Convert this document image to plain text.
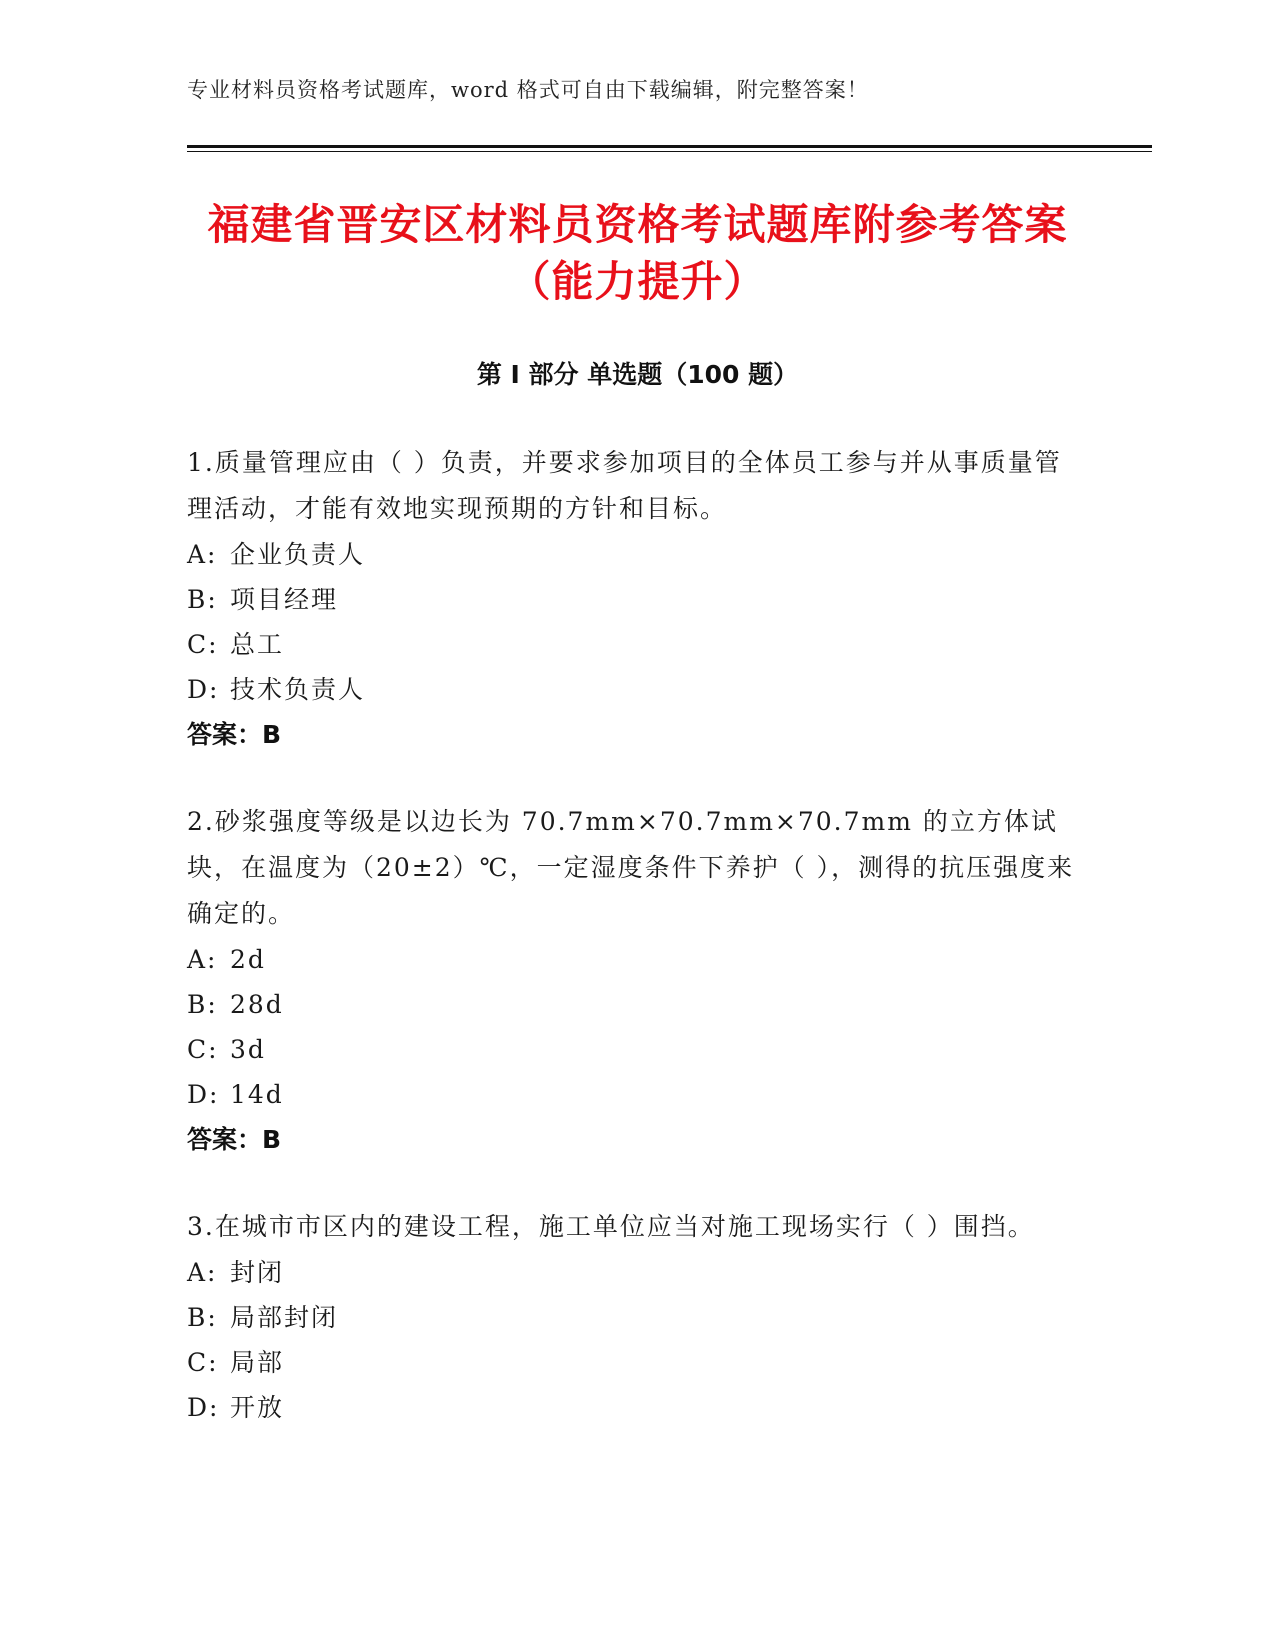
专业材料员资格考试题库，word 格式可自由下载编辑，附完整答案！
福建省晋安区材料员资格考试题库附参考答案（能力提升）
第 I 部分 单选题（100 题）
1.质量管理应由（ ）负责，并要求参加项目的全体员工参与并从事质量管理活动，才能有效地实现预期的方针和目标。
A: 企业负责人
B: 项目经理
C: 总工
D: 技术负责人
答案：B
2.砂浆强度等级是以边长为 70.7mm×70.7mm×70.7mm 的立方体试块，在温度为（20±2）℃，一定湿度条件下养护（ ），测得的抗压强度来确定的。
A: 2d
B: 28d
C: 3d
D: 14d
答案：B
3.在城市市区内的建设工程，施工单位应当对施工现场实行（ ）围挡。
A: 封闭
B: 局部封闭
C: 局部
D: 开放
